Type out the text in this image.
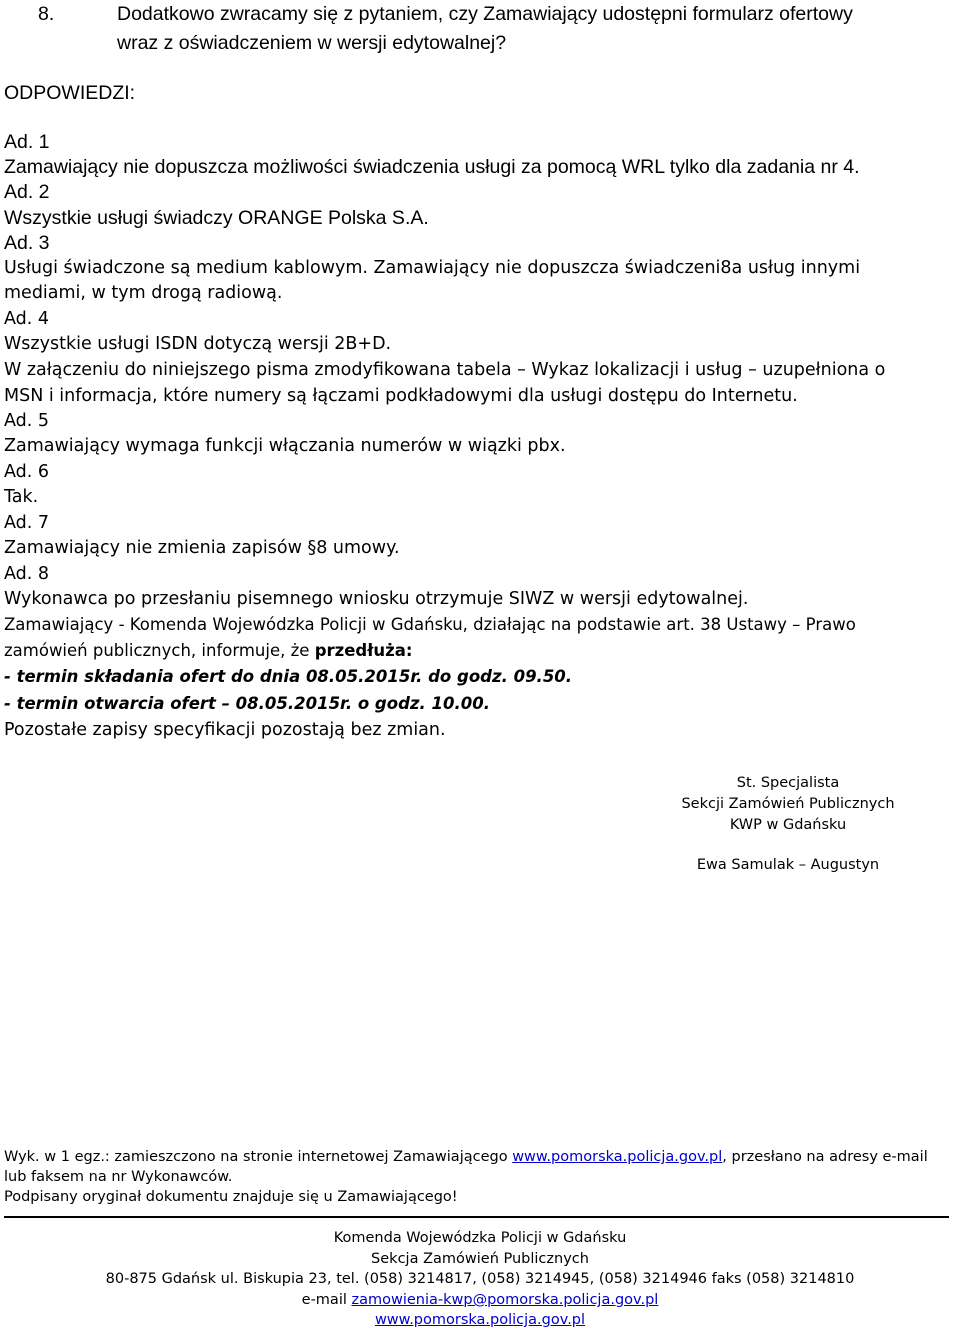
8.	Dodatkowo zwracamy się z pytaniem, czy Zamawiający udostępni formularz ofertowy
wraz z oświadczeniem w wersji edytowalnej?
ODPOWIEDZI:
Ad. 1
Zamawiający nie dopuszcza możliwości świadczenia usługi za pomocą WRL tylko dla zadania nr 4.
Ad. 2
Wszystkie usługi świadczy ORANGE Polska S.A.
Ad. 3
Usługi świadczone są medium kablowym. Zamawiający nie dopuszcza świadczeni8a usług innymi
mediami, w tym drogą radiową.
Ad. 4
Wszystkie usługi ISDN dotyczą wersji 2B+D.
W załączeniu do niniejszego pisma zmodyfikowana tabela – Wykaz lokalizacji i usług – uzupełniona o
MSN i informacja, które numery są łączami podkładowymi dla usługi dostępu do Internetu.
Ad. 5
Zamawiający wymaga funkcji włączania numerów w wiązki pbx.
Ad. 6
Tak.
Ad. 7
Zamawiający nie zmienia zapisów §8 umowy.
Ad. 8
Wykonawca po przesłaniu pisemnego wniosku otrzymuje SIWZ w wersji edytowalnej.
Zamawiający - Komenda Wojewódzka Policji w Gdańsku, działając na podstawie art. 38 Ustawy – Prawo
zamówień publicznych, informuje, że przedłuża:
- termin składania ofert do dnia 08.05.2015r. do godz. 09.50.
- termin otwarcia ofert – 08.05.2015r. o godz. 10.00.
Pozostałe zapisy specyfikacji pozostają bez zmian.
St. Specjalista
Sekcji Zamówień Publicznych
KWP w Gdańsku
Ewa Samulak – Augustyn
Wyk. w 1 egz.: zamieszczono na stronie internetowej Zamawiającego www.pomorska.policja.gov.pl, przesłano na adresy e-mail
lub faksem na nr Wykonawców.
Podpisany oryginał dokumentu znajduje się u Zamawiającego!
Komenda Wojewódzka Policji w Gdańsku
Sekcja Zamówień Publicznych
80-875 Gdańsk ul. Biskupia 23, tel. (058) 3214817, (058) 3214945, (058) 3214946 faks (058) 3214810
e-mail zamowienia-kwp@pomorska.policja.gov.pl
www.pomorska.policja.gov.pl
